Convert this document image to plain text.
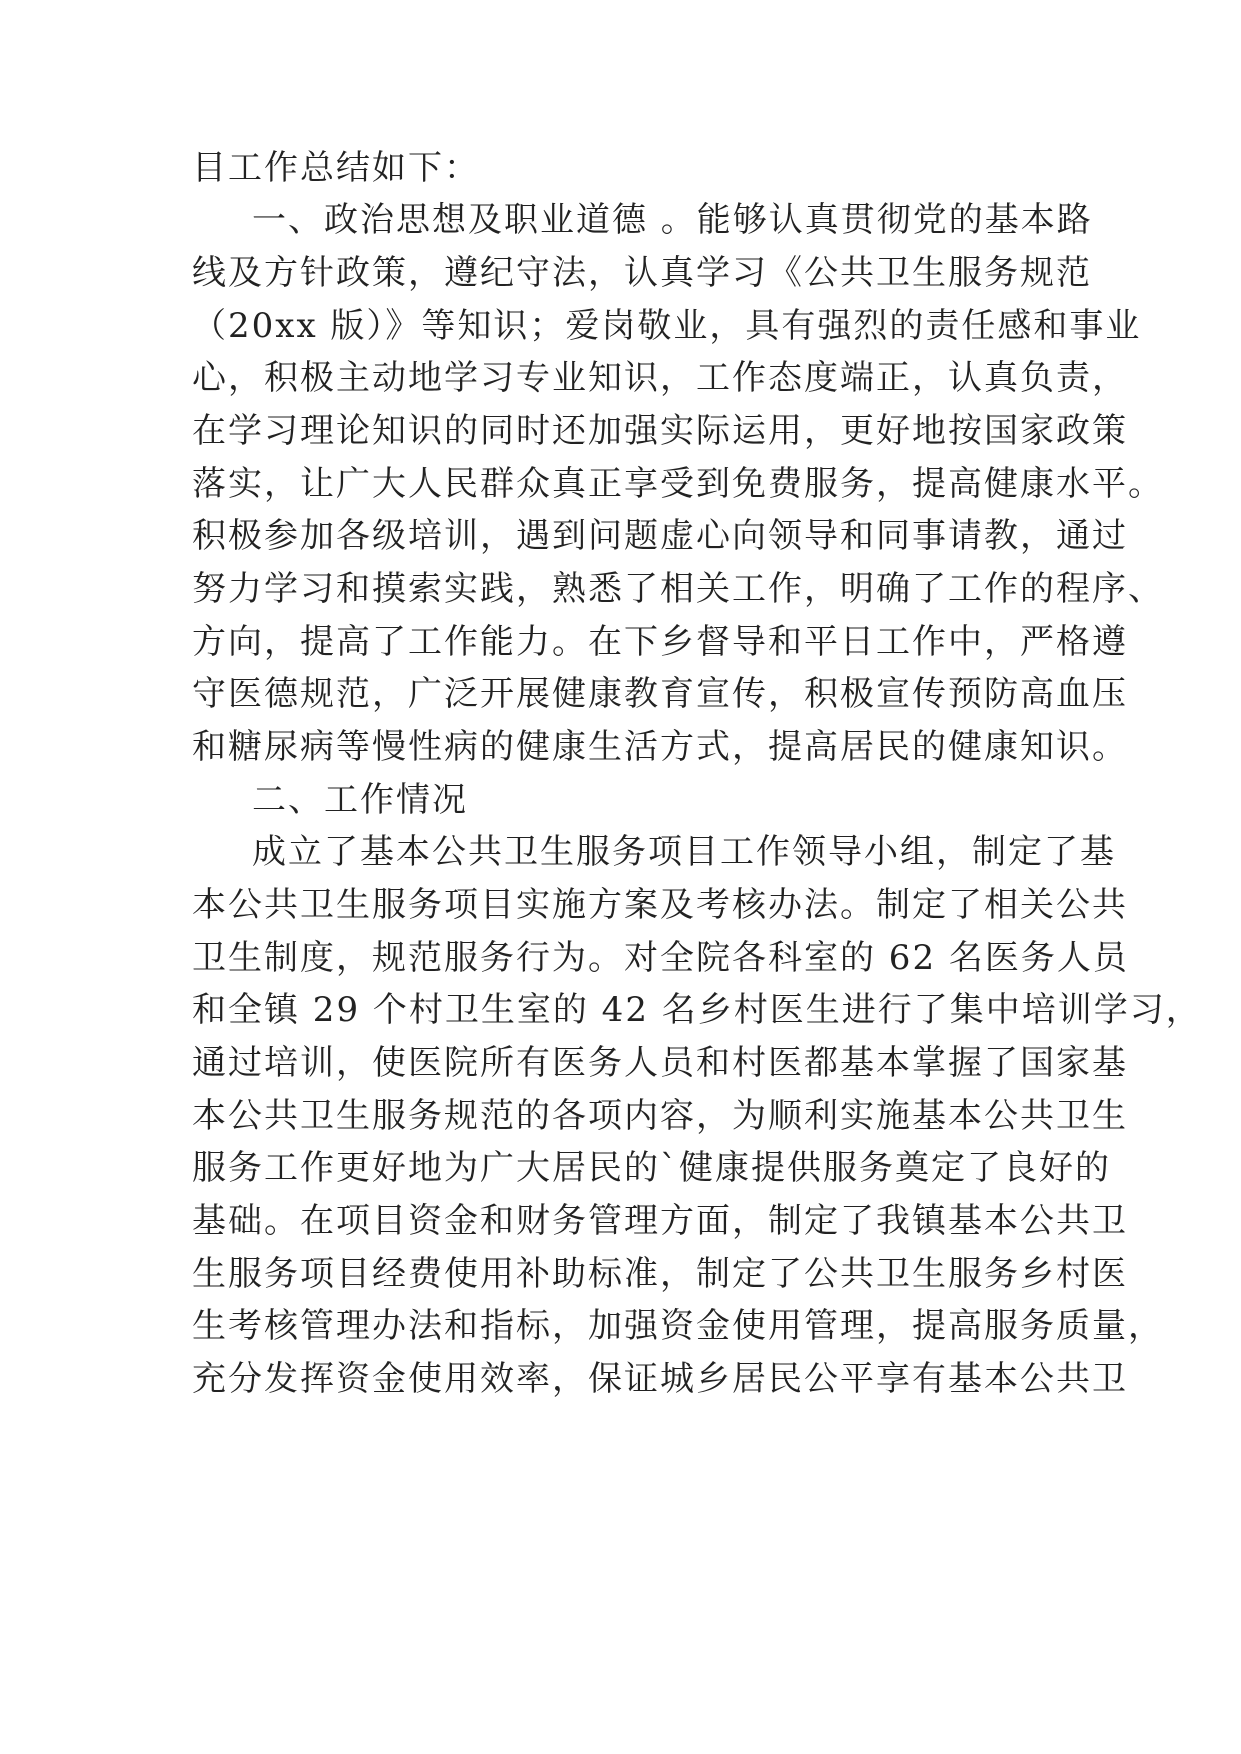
目工作总结如下：
一、政治思想及职业道德 。能够认真贯彻党的基本路
线及方针政策，遵纪守法，认真学习《公共卫生服务规范
（20xx 版）》等知识；爱岗敬业，具有强烈的责任感和事业
心，积极主动地学习专业知识，工作态度端正，认真负责，
在学习理论知识的同时还加强实际运用，更好地按国家政策
落实，让广大人民群众真正享受到免费服务，提高健康水平。
积极参加各级培训，遇到问题虚心向领导和同事请教，通过
努力学习和摸索实践，熟悉了相关工作，明确了工作的程序、
方向，提高了工作能力。在下乡督导和平日工作中，严格遵
守医德规范，广泛开展健康教育宣传，积极宣传预防高血压
和糖尿病等慢性病的健康生活方式，提高居民的健康知识。
二、工作情况
成立了基本公共卫生服务项目工作领导小组，制定了基
本公共卫生服务项目实施方案及考核办法。制定了相关公共
卫生制度，规范服务行为。对全院各科室的 62 名医务人员
和全镇 29 个村卫生室的 42 名乡村医生进行了集中培训学习，
通过培训，使医院所有医务人员和村医都基本掌握了国家基
本公共卫生服务规范的各项内容，为顺利实施基本公共卫生
服务工作更好地为广大居民的`健康提供服务奠定了良好的
基础。在项目资金和财务管理方面，制定了我镇基本公共卫
生服务项目经费使用补助标准，制定了公共卫生服务乡村医
生考核管理办法和指标，加强资金使用管理，提高服务质量，
充分发挥资金使用效率，保证城乡居民公平享有基本公共卫
